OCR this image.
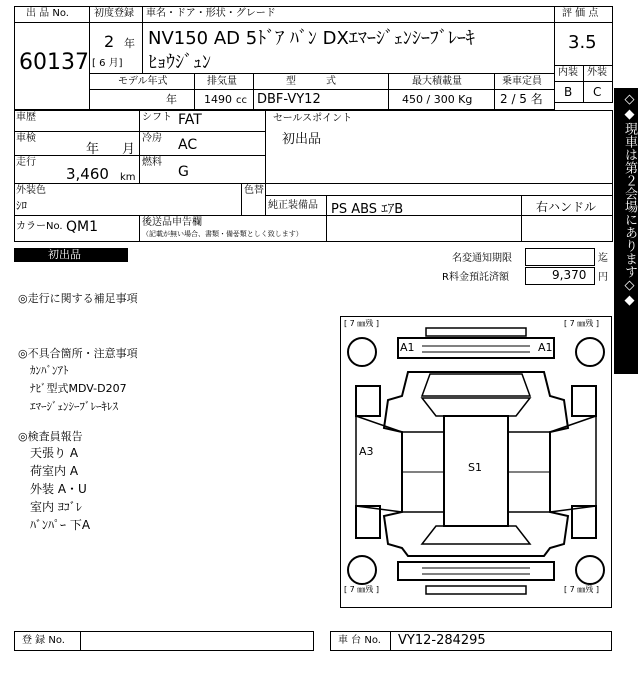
出 品 No.
60137
初度登録
2 年
[ 6 月]
車名・ドア・形状・グレード
NV150 AD 5ﾄﾞｱ ﾊﾞﾝ DXｴﾏｰｼﾞｪﾝｼｰﾌﾞﾚｰｷ
ﾋｮｳｼﾞｭﾝ
評 価 点
3.5
内装 外装
B C
モデル年式
年
排気量
1490 cc
型　　　式
DBF-VY12
最大積載量
450 / 300 Kg
乗車定員
2 / 5 名
車歴
車検
年 月
走行
3,460 km
シフト FAT
冷房 AC
燃料
G
セールスポイント
初出品
外装色
ｼﾛ
色替
純正装備品 PS ABS ｴｱB	右ハンドル
カラーNo. QM1	後送品申告欄
（記載が無い場合、書類・備품類としく致します）
初出品	名変通知期限	迄
R料金預託済額	9,370 円
◎走行に関する補足事項
◎不具合箇所・注意事項
ｶﾝﾊﾞﾝｱﾄ
ﾅﾋﾞ型式MDV-D207
ｴﾏｰｼﾞｪﾝｼｰﾌﾞﾚｰｷﾚｽ
◎検査員報告
天張り A
荷室内 A
外装 A・U
室内 ﾖｺﾞﾚ
ﾊﾞﾝﾊﾟｰ 下A
[ 7 ㎜残 ]	[ 7 ㎜残 ]
[ 7 ㎜残 ]	[ 7 ㎜残 ]
A1	A1
A3
S1
登 録 No.	車 台 No. VY12-284295
◇◆現車は第２会場にあります◇◆
